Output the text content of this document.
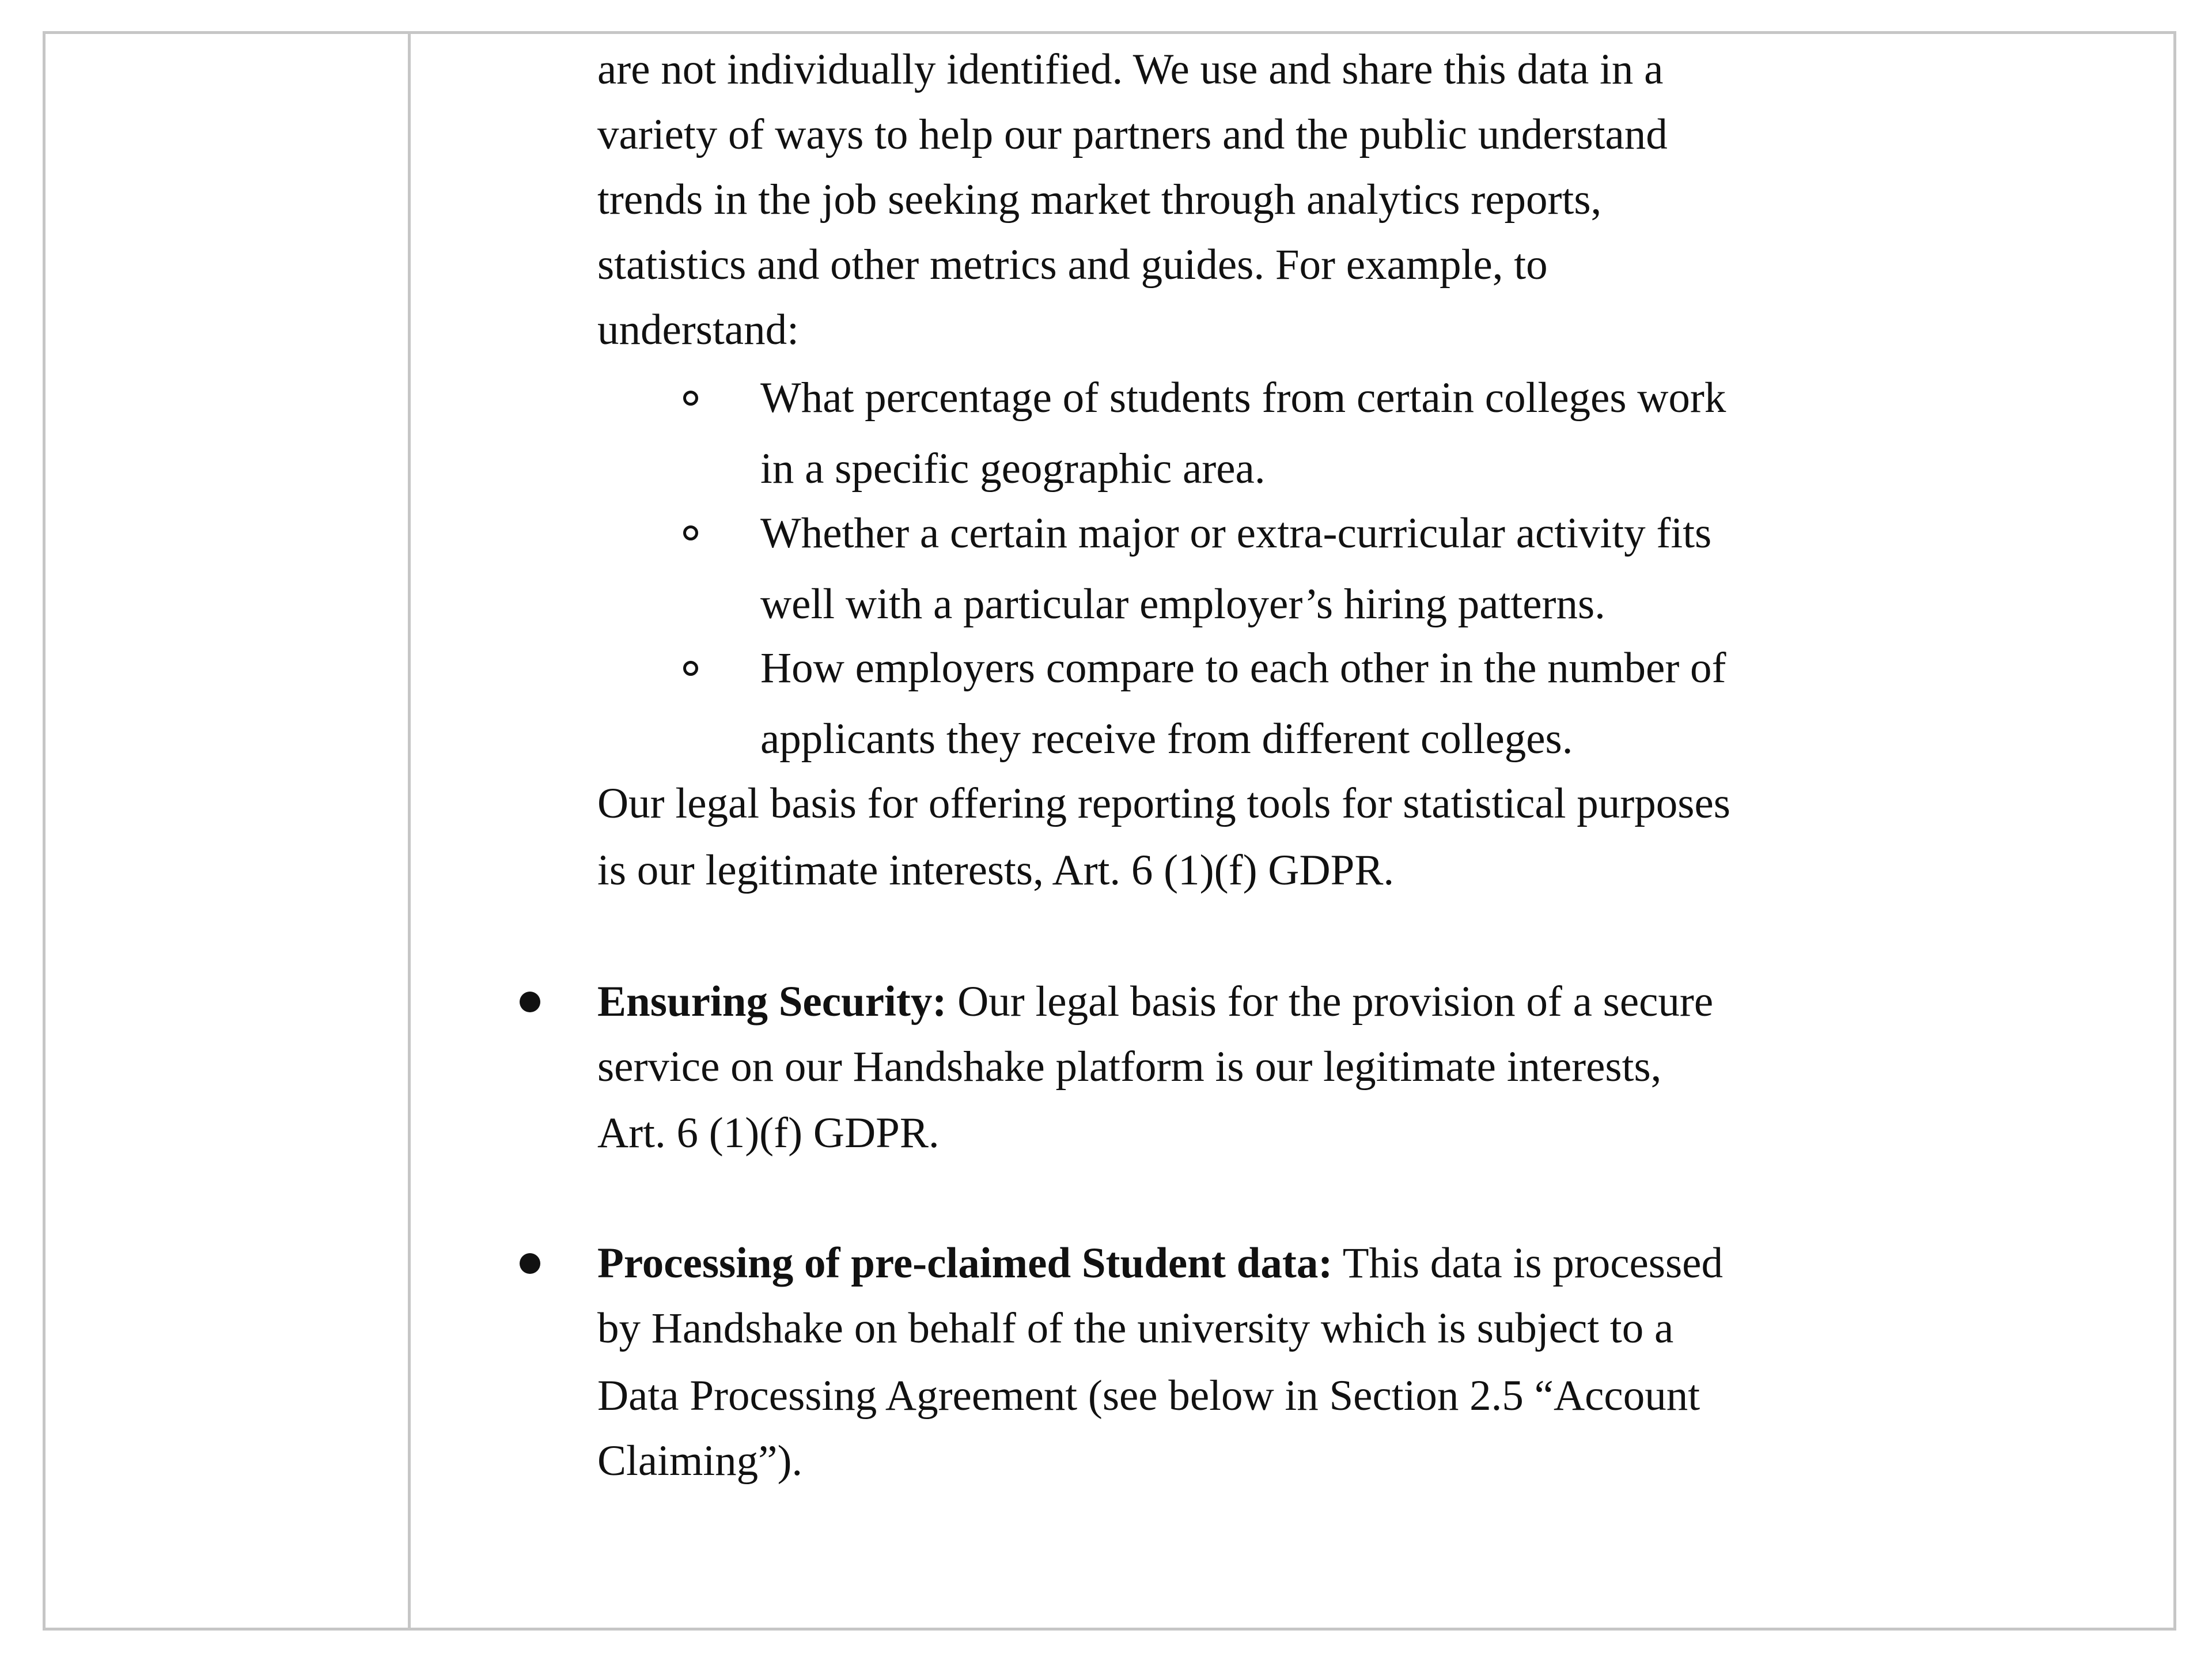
are not individually identified. We use and share this data in a
variety of ways to help our partners and the public understand
trends in the job seeking market through analytics reports,
statistics and other metrics and guides. For example, to
understand:
What percentage of students from certain colleges work
in a specific geographic area.
Whether a certain major or extra-curricular activity fits
well with a particular employer’s hiring patterns.
How employers compare to each other in the number of
applicants they receive from different colleges.
Our legal basis for offering reporting tools for statistical purposes
is our legitimate interests, Art. 6 (1)(f) GDPR.
Ensuring Security: Our legal basis for the provision of a secure
service on our Handshake platform is our legitimate interests,
Art. 6 (1)(f) GDPR.
Processing of pre-claimed Student data: This data is processed
by Handshake on behalf of the university which is subject to a
Data Processing Agreement (see below in Section 2.5 “Account
Claiming”).
